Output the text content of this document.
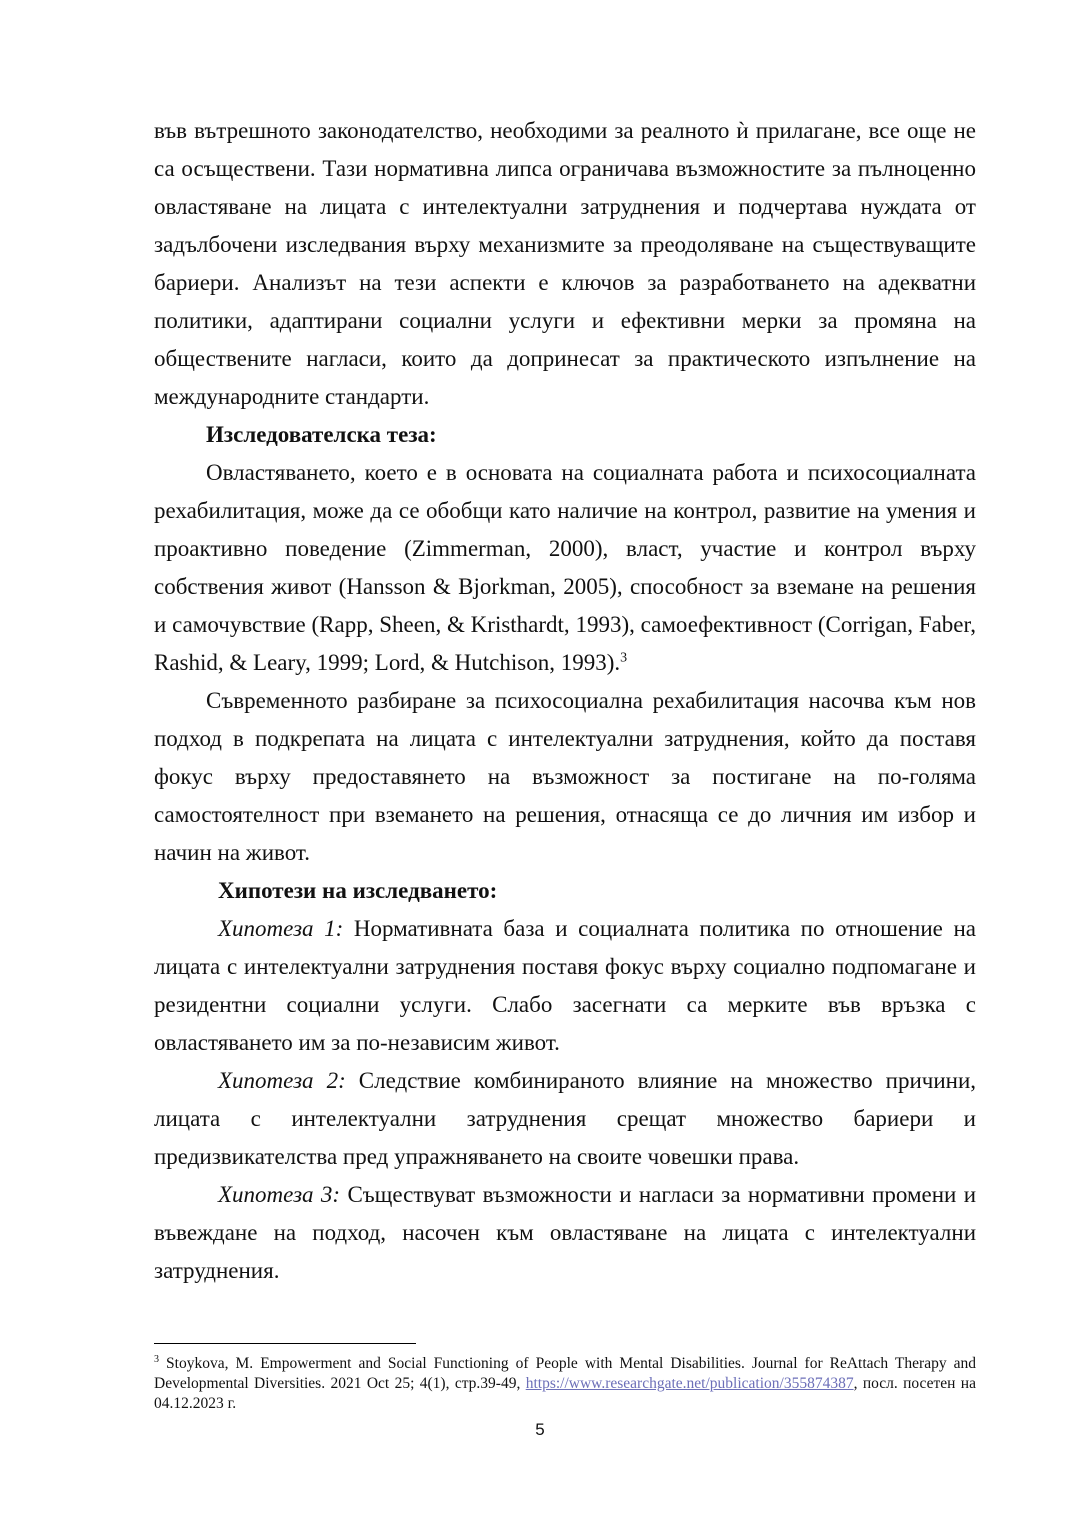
във вътрешното законодателство, необходими за реалното ѝ прилагане, все още не са осъществени. Тази нормативна липса ограничава възможностите за пълноценно овластяване на лицата с интелектуални затруднения и подчертава нуждата от задълбочени изследвания върху механизмите за преодоляване на съществуващите бариери. Анализът на тези аспекти е ключов за разработването на адекватни политики, адаптирани социални услуги и ефективни мерки за промяна на обществените нагласи, които да допринесат за практическото изпълнение на международните стандарти.

Изследователска теза:

Овластяването, което е в основата на социалната работа и психосоциалната рехабилитация, може да се обобщи като наличие на контрол, развитие на умения и проактивно поведение (Zimmerman, 2000), власт, участие и контрол върху собствения живот (Hansson & Bjorkman, 2005), способност за вземане на решения и самочувствие (Rapp, Sheen, & Kristhardt, 1993), самоефективност (Corrigan, Faber, Rashid, & Leary, 1999; Lord, & Hutchison, 1993).$^3$

Съвременното разбиране за психосоциална рехабилитация насочва към нов подход в подкрепата на лицата с интелектуални затруднения, който да поставя фокус върху предоставянето на възможност за постигане на по-голяма самостоятелност при вземането на решения, отнасяща се до личния им избор и начин на живот.

Хипотези на изследването:

Хипотеза 1: Нормативната база и социалната политика по отношение на лицата с интелектуални затруднения поставя фокус върху социално подпомагане и резидентни социални услуги. Слабо засегнати са мерките във връзка с овластяването им за по-независим живот.

Хипотеза 2: Следствие комбинираното влияние на множество причини, лицата с интелектуални затруднения срещат множество бариери и предизвикателства пред упражняването на своите човешки права.

Хипотеза 3: Съществуват възможности и нагласи за нормативни промени и въвеждане на подход, насочен към овластяване на лицата с интелектуални затруднения.

$^3$ Stoykova, M. Empowerment and Social Functioning of People with Mental Disabilities. Journal for ReAttach Therapy and Developmental Diversities. 2021 Oct 25; 4(1), стр.39-49, https://www.researchgate.net/publication/355874387, посл. посетен на 04.12.2023 г.

5
